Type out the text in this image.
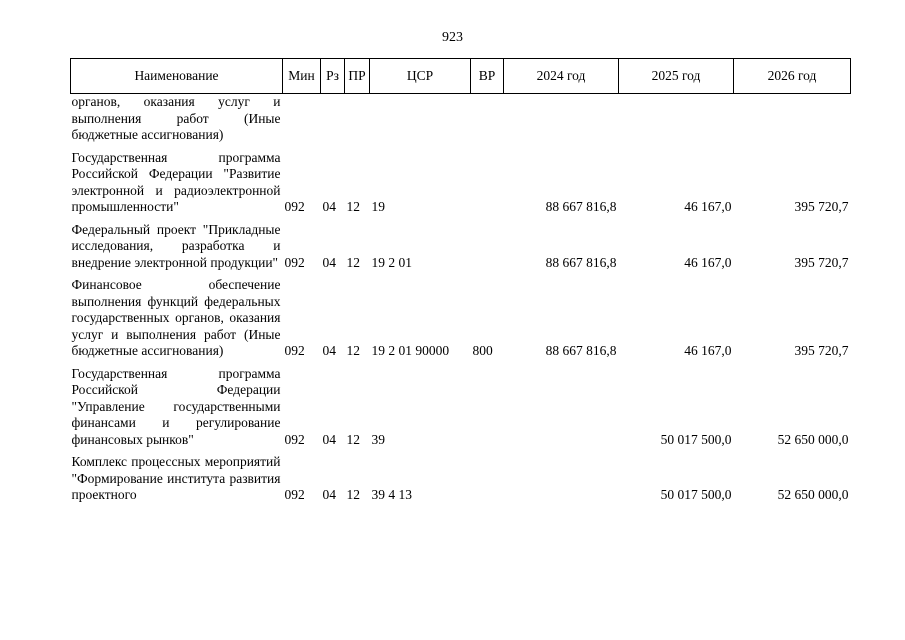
923
Наименование	Мин	Рз	ПР	ЦСР	ВР	2024 год	2025 год	2026 год
органов, оказания услуг и выполнения работ (Иные бюджетные ассигнования)								
Государственная программа Российской Федерации "Развитие электронной и радиоэлектронной промышленности"	092	04	12	19		88 667 816,8	46 167,0	395 720,7
Федеральный проект "Прикладные исследования, разработка и внедрение электронной продукции"	092	04	12	19 2 01		88 667 816,8	46 167,0	395 720,7
Финансовое обеспечение выполнения функций федеральных государственных органов, оказания услуг и выполнения работ (Иные бюджетные ассигнования)	092	04	12	19 2 01 90000	800	88 667 816,8	46 167,0	395 720,7
Государственная программа Российской Федерации "Управление государственными финансами и регулирование финансовых рынков"	092	04	12	39			50 017 500,0	52 650 000,0
Комплекс процессных мероприятий "Формирование института развития проектного	092	04	12	39 4 13			50 017 500,0	52 650 000,0
